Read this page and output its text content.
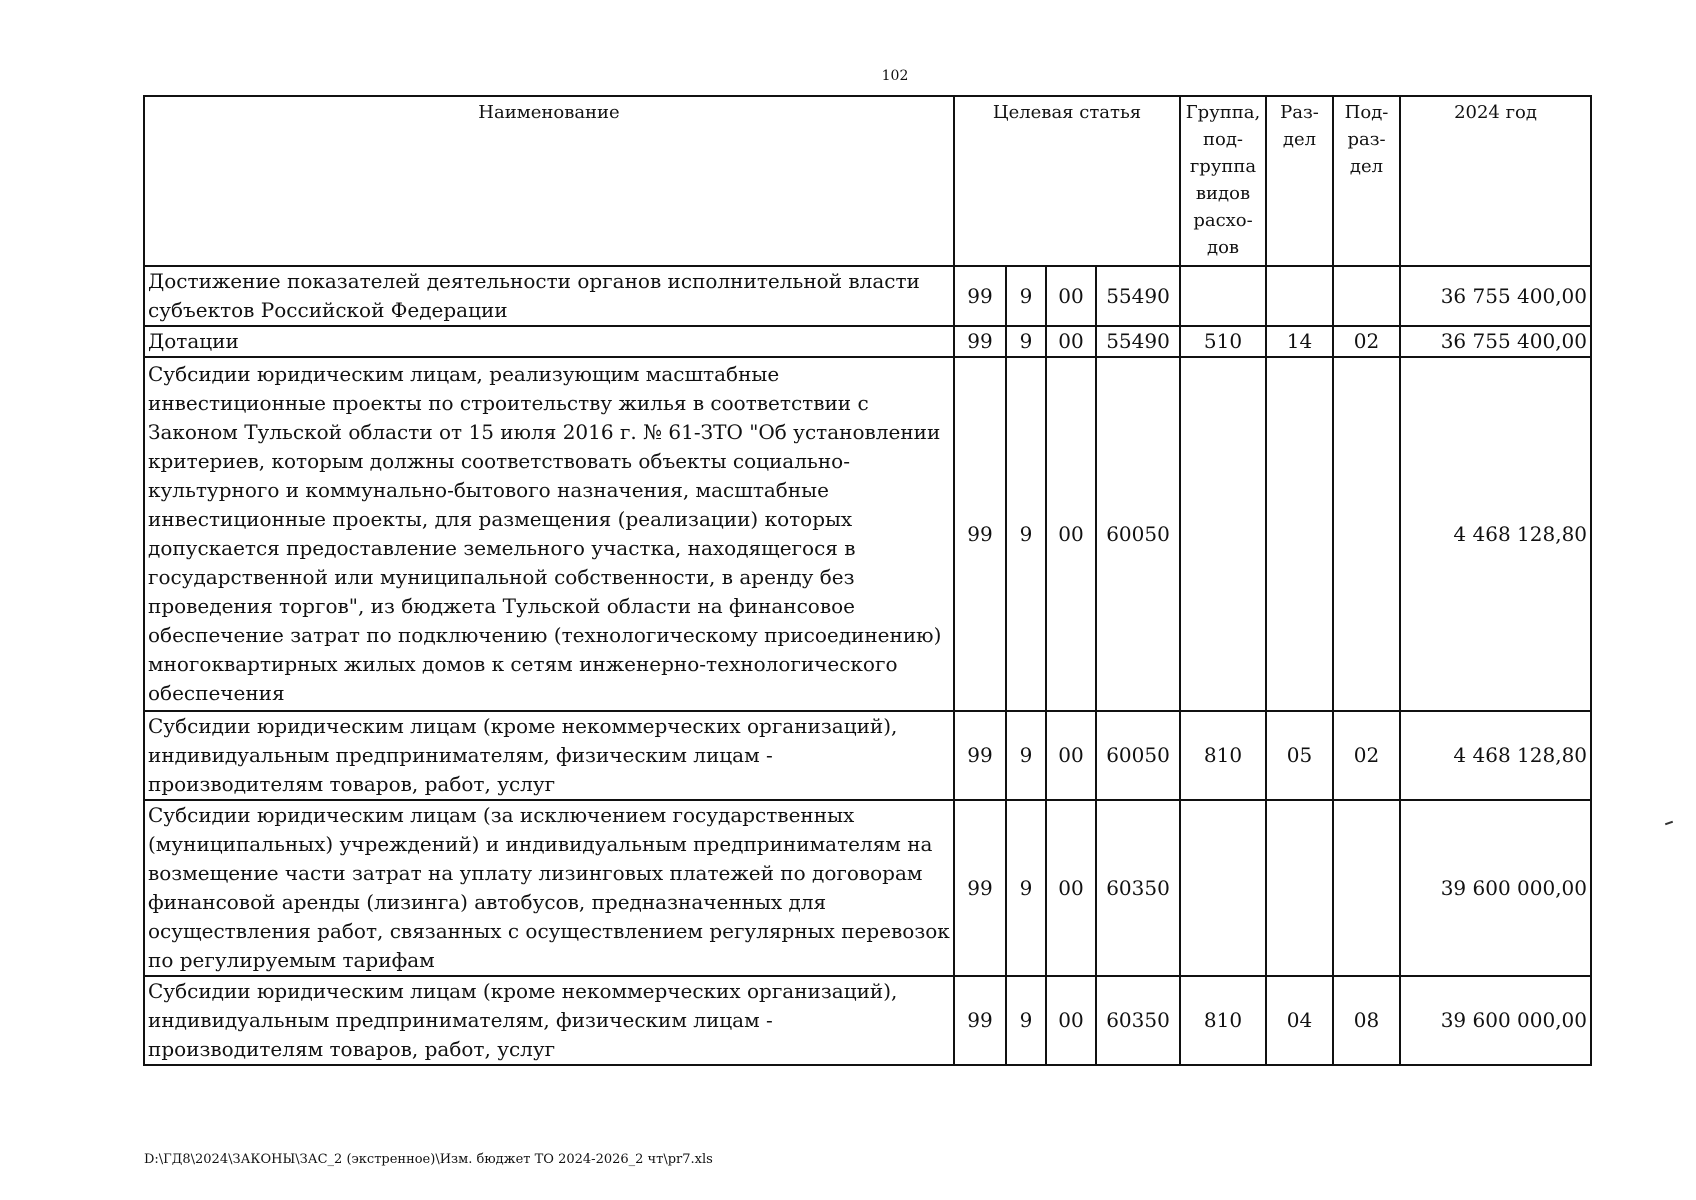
102
Наименование	Целевая статья				Группа, под- группа видов расхо- дов	Раз- дел	Под- раз- дел	2024 год
Достижение показателей деятельности органов исполнительной власти субъектов Российской Федерации	99	9	00	55490				36 755 400,00
Дотации	99	9	00	55490	510	14	02	36 755 400,00
Субсидии юридическим лицам, реализующим масштабные инвестиционные проекты по строительству жилья в соответствии с Законом Тульской области от 15 июля 2016 г. № 61-ЗТО "Об установлении критериев, которым должны соответствовать объекты социально-культурного и коммунально-бытового назначения, масштабные инвестиционные проекты, для размещения (реализации) которых допускается предоставление земельного участка, находящегося в государственной или муниципальной собственности, в аренду без проведения торгов", из бюджета Тульской области на финансовое обеспечение затрат по подключению (технологическому присоединению) многоквартирных жилых домов к сетям инженерно-технологического обеспечения	99	9	00	60050				4 468 128,80
Субсидии юридическим лицам (кроме некоммерческих организаций), индивидуальным предпринимателям, физическим лицам - производителям товаров, работ, услуг	99	9	00	60050	810	05	02	4 468 128,80
Субсидии юридическим лицам (за исключением государственных (муниципальных) учреждений) и индивидуальным предпринимателям на возмещение части затрат на уплату лизинговых платежей по договорам финансовой аренды (лизинга) автобусов, предназначенных для осуществления работ, связанных с осуществлением регулярных перевозок по регулируемым тарифам	99	9	00	60350				39 600 000,00
Субсидии юридическим лицам (кроме некоммерческих организаций), индивидуальным предпринимателям, физическим лицам - производителям товаров, работ, услуг	99	9	00	60350	810	04	08	39 600 000,00
D:\ГД8\2024\ЗАКОНЫ\ЗАС_2 (экстренное)\Изм. бюджет ТО 2024-2026_2 чт\pr7.xls
